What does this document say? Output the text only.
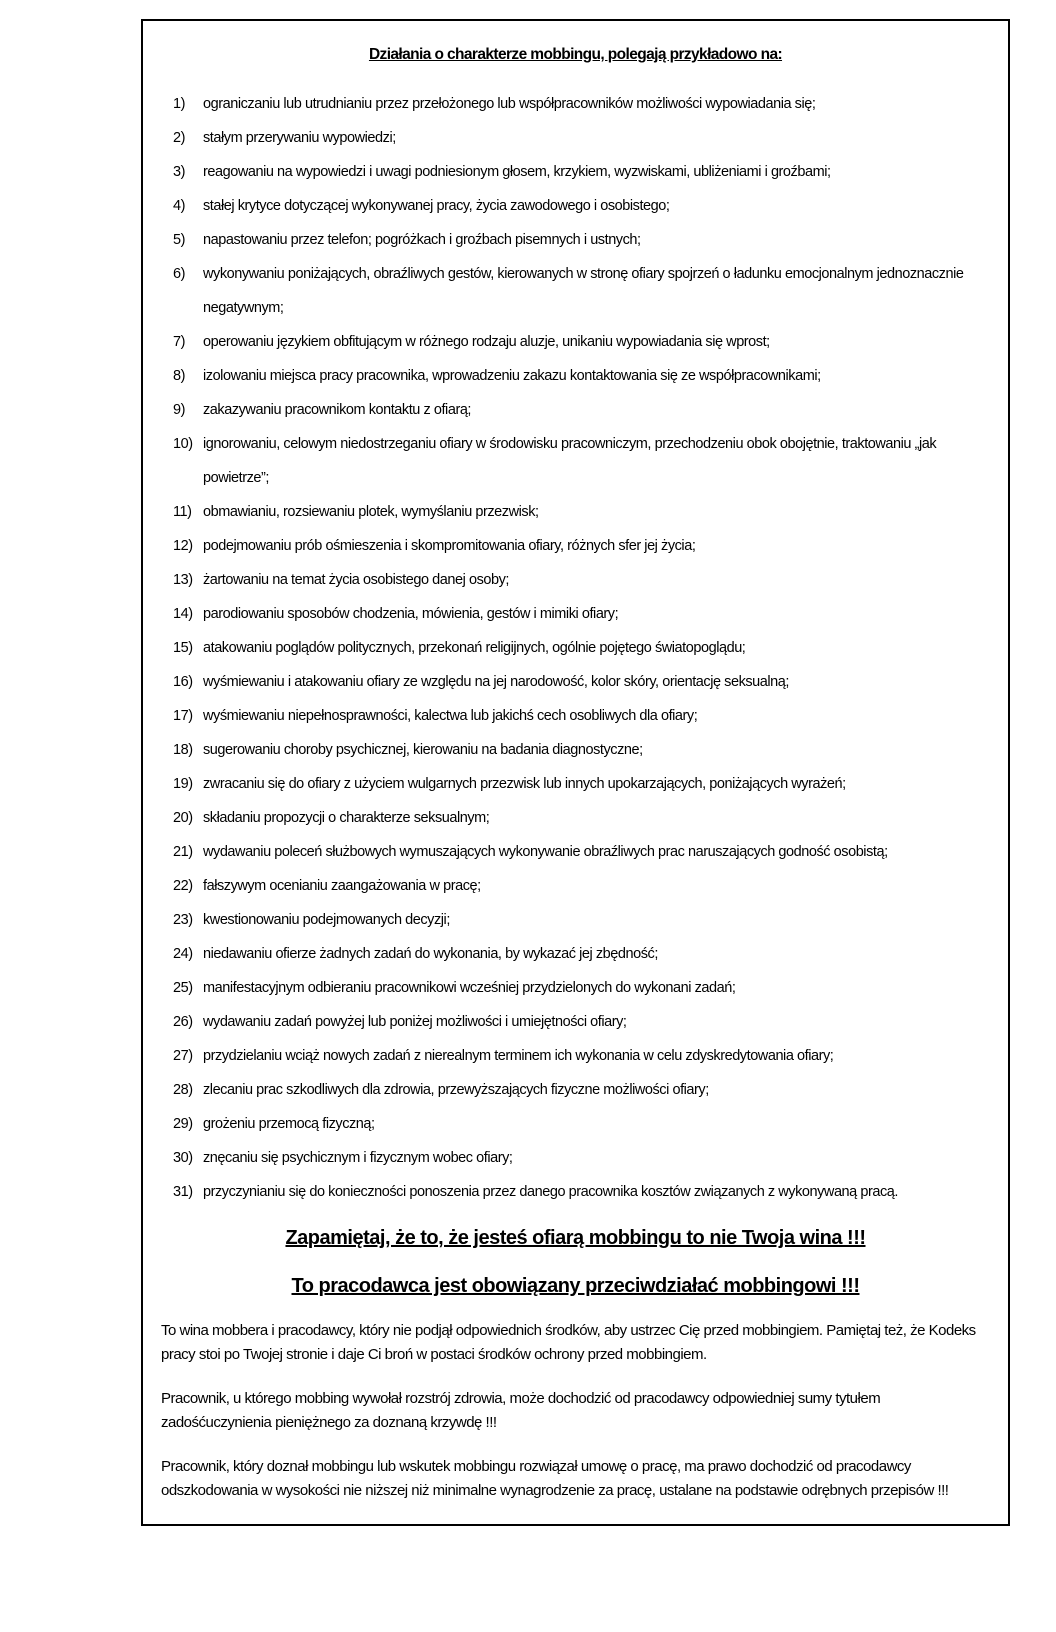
Działania o charakterze mobbingu, polegają przykładowo na:
1)	ograniczaniu lub utrudnianiu przez przełożonego lub współpracowników możliwości wypowiadania się;
2)	stałym przerywaniu wypowiedzi;
3)	reagowaniu na wypowiedzi i uwagi podniesionym głosem, krzykiem, wyzwiskami, ubliżeniami i groźbami;
4)	stałej krytyce dotyczącej wykonywanej pracy, życia zawodowego i osobistego;
5)	napastowaniu przez telefon; pogróżkach i groźbach pisemnych i ustnych;
6)	wykonywaniu poniżających, obraźliwych gestów, kierowanych w stronę ofiary spojrzeń o ładunku emocjonalnym jednoznacznie negatywnym;
7)	operowaniu językiem obfitującym w różnego rodzaju aluzje, unikaniu wypowiadania się wprost;
8)	izolowaniu miejsca pracy pracownika, wprowadzeniu zakazu kontaktowania się ze współpracownikami;
9)	zakazywaniu pracownikom kontaktu z ofiarą;
10) ignorowaniu, celowym niedostrzeganiu ofiary w środowisku pracowniczym, przechodzeniu obok obojętnie, traktowaniu „jak powietrze”;
11) obmawianiu, rozsiewaniu plotek, wymyślaniu przezwisk;
12) podejmowaniu prób ośmieszenia i skompromitowania ofiary, różnych sfer jej życia;
13) żartowaniu na temat życia osobistego danej osoby;
14) parodiowaniu sposobów chodzenia, mówienia, gestów i mimiki ofiary;
15) atakowaniu poglądów politycznych, przekonań religijnych, ogólnie pojętego światopoglądu;
16) wyśmiewaniu i atakowaniu ofiary ze względu na jej narodowość, kolor skóry, orientację seksualną;
17) wyśmiewaniu niepełnosprawności, kalectwa lub jakichś cech osobliwych dla ofiary;
18) sugerowaniu choroby psychicznej, kierowaniu na badania diagnostyczne;
19) zwracaniu się do ofiary z użyciem wulgarnych przezwisk lub innych upokarzających, poniżających wyrażeń;
20) składaniu propozycji o charakterze seksualnym;
21) wydawaniu poleceń służbowych wymuszających wykonywanie obraźliwych prac naruszających godność osobistą;
22) fałszywym ocenianiu zaangażowania w pracę;
23) kwestionowaniu podejmowanych decyzji;
24) niedawaniu ofierze żadnych zadań do wykonania, by wykazać jej zbędność;
25) manifestacyjnym odbieraniu pracownikowi wcześniej przydzielonych do wykonani zadań;
26) wydawaniu zadań powyżej lub poniżej możliwości i umiejętności ofiary;
27) przydzielaniu wciąż nowych zadań z nierealnym terminem ich wykonania w celu zdyskredytowania ofiary;
28) zlecaniu prac szkodliwych dla zdrowia, przewyższających fizyczne możliwości ofiary;
29) grożeniu przemocą fizyczną;
30) znęcaniu się psychicznym i fizycznym wobec ofiary;
31) przyczynianiu się do konieczności ponoszenia przez danego pracownika kosztów związanych z wykonywaną pracą.

Zapamiętaj, że to, że jesteś ofiarą mobbingu to nie Twoja wina !!!

To pracodawca jest obowiązany przeciwdziałać mobbingowi !!!

To wina mobbera i pracodawcy, który nie podjął odpowiednich środków, aby ustrzec Cię przed mobbingiem. Pamiętaj też, że Kodeks pracy stoi po Twojej stronie i daje Ci broń w postaci środków ochrony przed mobbingiem.

Pracownik, u którego mobbing wywołał rozstrój zdrowia, może dochodzić od pracodawcy odpowiedniej sumy tytułem zadośćuczynienia pieniężnego za doznaną krzywdę !!!

Pracownik, który doznał mobbingu lub wskutek mobbingu rozwiązał umowę o pracę, ma prawo dochodzić od pracodawcy odszkodowania w wysokości nie niższej niż minimalne wynagrodzenie za pracę, ustalane na podstawie odrębnych przepisów !!!
